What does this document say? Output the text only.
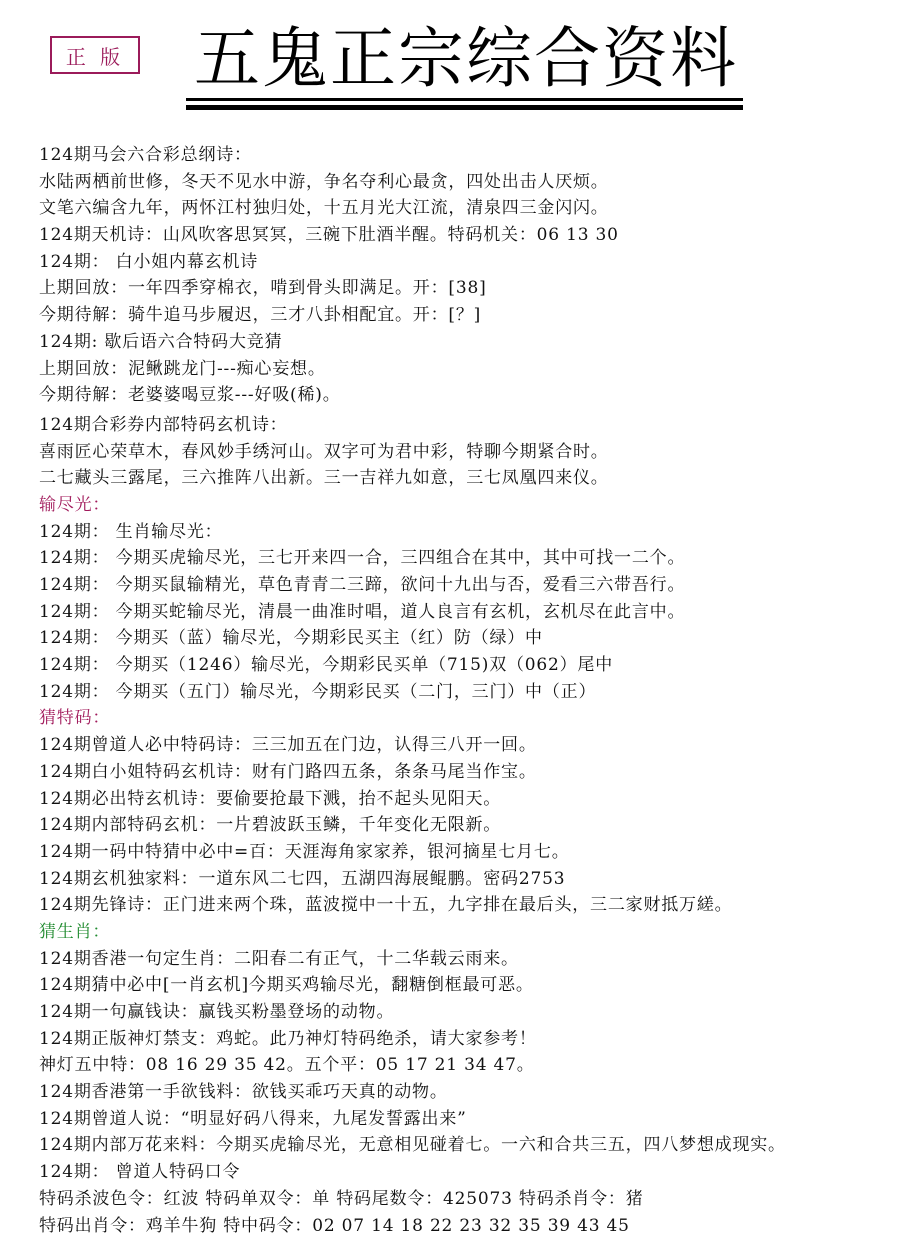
正 版 五鬼正宗综合资料
124期马会六合彩总纲诗：
水陆两栖前世修，冬天不见水中游，争名夺利心最贪，四处出击人厌烦。
文笔六编含九年，两怀江村独归处，十五月光大江流，清泉四三金闪闪。
124期天机诗：山风吹客思冥冥，三碗下肚酒半醒。特码机关：06 13 30
124期： 白小姐内幕玄机诗
上期回放：一年四季穿棉衣，啃到骨头即满足。开：[38]
今期待解：骑牛追马步履迟，三才八卦相配宜。开：[？]
124期: 歇后语六合特码大竞猜
上期回放：泥鳅跳龙门---痴心妄想。
今期待解：老婆婆喝豆浆---好吸(稀)。
124期合彩券内部特码玄机诗：
喜雨匠心荣草木，春风妙手绣河山。双字可为君中彩，特聊今期紧合时。
二七藏头三露尾，三六推阵八出新。三一吉祥九如意，三七凤凰四来仪。
输尽光：
124期： 生肖输尽光：
124期： 今期买虎输尽光，三七开来四一合，三四组合在其中，其中可找一二个。
124期： 今期买鼠输精光，草色青青二三蹄，欲问十九出与否，爱看三六带吾行。
124期： 今期买蛇输尽光，清晨一曲准时唱，道人良言有玄机，玄机尽在此言中。
124期： 今期买（蓝）输尽光，今期彩民买主（红）防（绿）中
124期： 今期买（1246）输尽光，今期彩民买单（715)双（062）尾中
124期： 今期买（五门）输尽光，今期彩民买（二门，三门）中（正）
猜特码：
124期曾道人必中特码诗：三三加五在门边，认得三八开一回。
124期白小姐特码玄机诗：财有门路四五条，条条马尾当作宝。
124期必出特玄机诗：要偷要抢最下溅，抬不起头见阳天。
124期内部特码玄机：一片碧波跃玉鳞，千年变化无限新。
124期一码中特猜中必中=百：天涯海角家家养，银河摘星七月七。
124期玄机独家料：一道东风二七四，五湖四海展鲲鹏。密码2753
124期先锋诗：正门进来两个珠，蓝波搅中一十五，九字排在最后头，三二家财抵万縒。
猜生肖：
124期香港一句定生肖：二阳春二有正气，十二华载云雨来。
124期猜中必中[一肖玄机]今期买鸡输尽光，翻糖倒框最可恶。
124期一句赢钱诀：赢钱买粉墨登场的动物。
124期正版神灯禁支：鸡蛇。此乃神灯特码绝杀，请大家参考！
神灯五中特：08 16 29 35 42。五个平：05 17 21 34 47。
124期香港第一手欲钱料：欲钱买乖巧天真的动物。
124期曾道人说：“明显好码八得来，九尾发誓露出来”
124期内部万花来料：今期买虎输尽光，无意相见碰着七。一六和合共三五，四八梦想成现实。
124期： 曾道人特码口令
特码杀波色令：红波 特码单双令：单 特码尾数令：425073 特码杀肖令：猪
特码出肖令：鸡羊牛狗 特中码令：02 07 14 18 22 23 32 35 39 43 45
